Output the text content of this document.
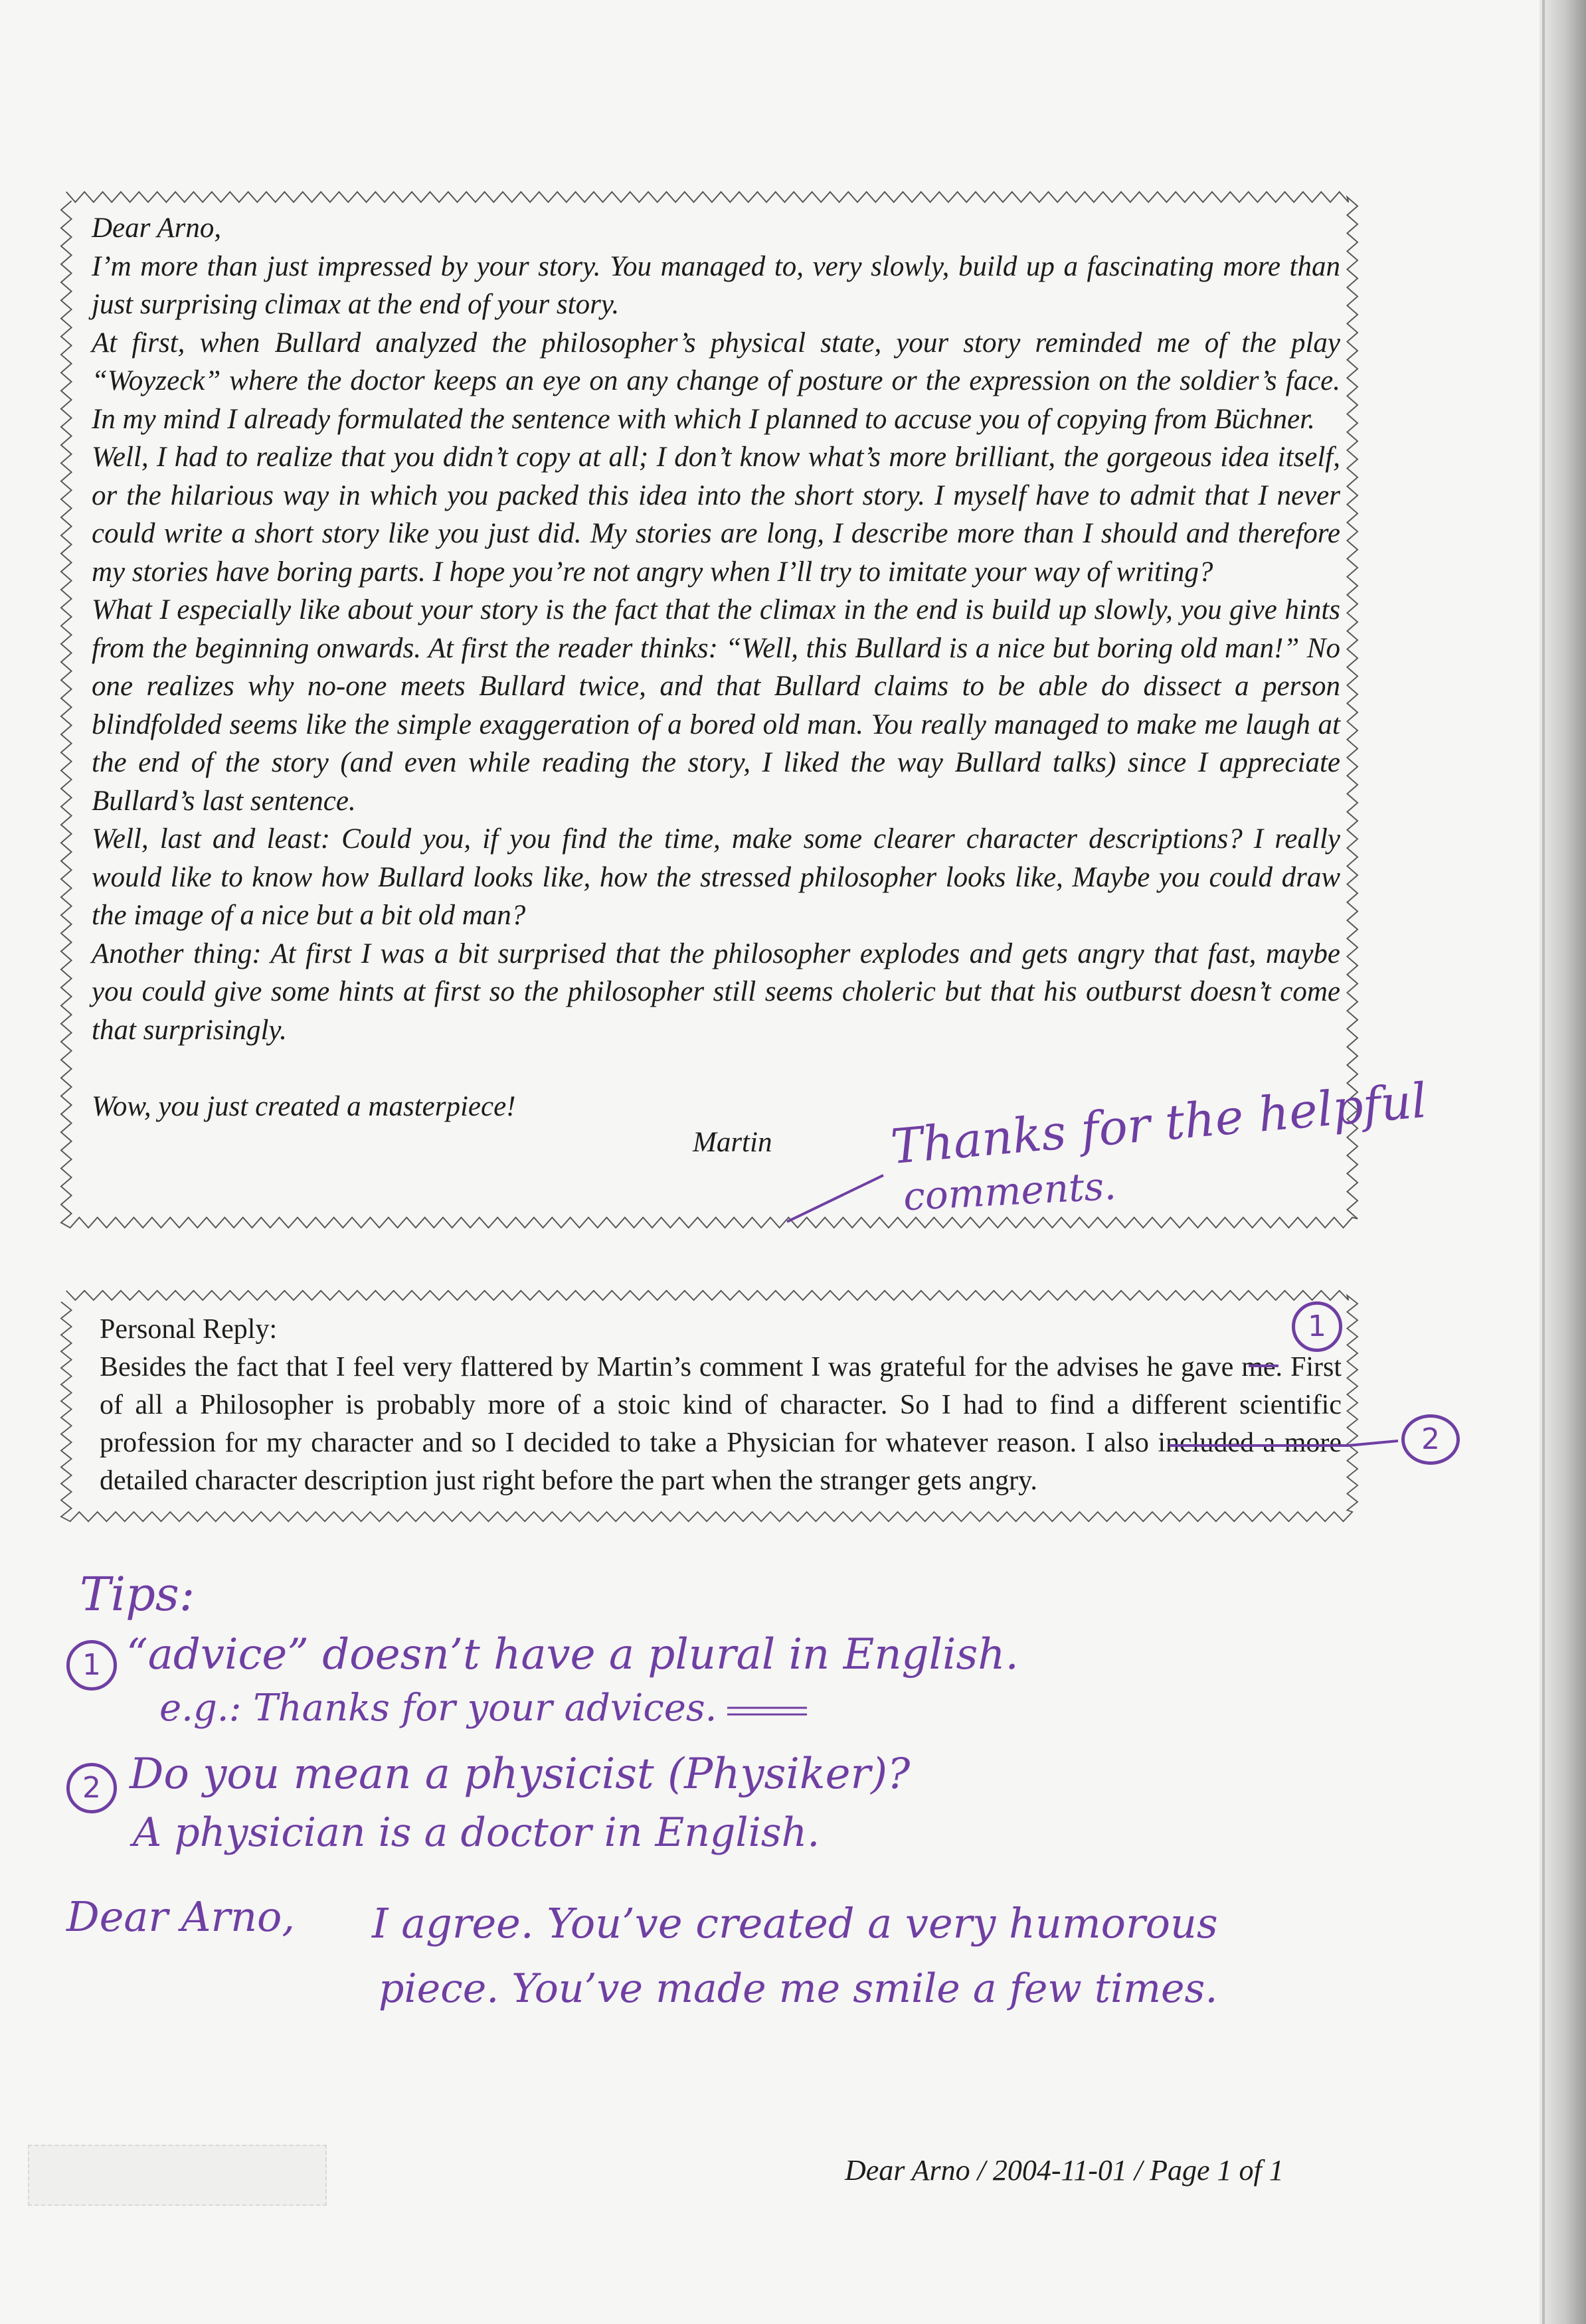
Dear Arno,

I’m more than just impressed by your story. You managed to, very slowly, build up a fascinating more than just surprising climax at the end of your story.

At first, when Bullard analyzed the philosopher’s physical state, your story reminded me of the play “Woyzeck” where the doctor keeps an eye on any change of posture or the expression on the soldier’s face. In my mind I already formulated the sentence with which I planned to accuse you of copying from Büchner.

Well, I had to realize that you didn’t copy at all; I don’t know what’s more brilliant, the gorgeous idea itself, or the hilarious way in which you packed this idea into the short story. I myself have to admit that I never could write a short story like you just did. My stories are long, I describe more than I should and therefore my stories have boring parts. I hope you’re not angry when I’ll try to imitate your way of writing?

What I especially like about your story is the fact that the climax in the end is build up slowly, you give hints from the beginning onwards. At first the reader thinks: “Well, this Bullard is a nice but boring old man!” No one realizes why no-one meets Bullard twice, and that Bullard claims to be able do dissect a person blindfolded seems like the simple exaggeration of a bored old man. You really managed to make me laugh at the end of the story (and even while reading the story, I liked the way Bullard talks) since I appreciate Bullard’s last sentence.

Well, last and least: Could you, if you find the time, make some clearer character descriptions? I really would like to know how Bullard looks like, how the stressed philosopher looks like, Maybe you could draw the image of a nice but a bit old man?

Another thing: At first I was a bit surprised that the philosopher explodes and gets angry that fast, maybe you could give some hints at first so the philosopher still seems choleric but that his outburst doesn’t come that surprisingly.

Wow, you just created a masterpiece!
Martin

Personal Reply:

Besides the fact that I feel very flattered by Martin’s comment I was grateful for the advises he gave me. First of all a Philosopher is probably more of a stoic kind of character. So I had to find a different scientific profession for my character and so I decided to take a Physician for whatever reason. I also included a more detailed character description just right before the part when the stranger gets angry.

Thanks for the helpful
comments.
1
2
Tips:
1 “advice” doesn’t have a plural in English.
e.g.: Thanks for your advices.
2 Do you mean a physicist (Physiker)?
A physician is a doctor in English.
Dear Arno, I agree. You’ve created a very humorous
piece. You’ve made me smile a few times.
Dear Arno / 2004-11-01 / Page 1 of 1
